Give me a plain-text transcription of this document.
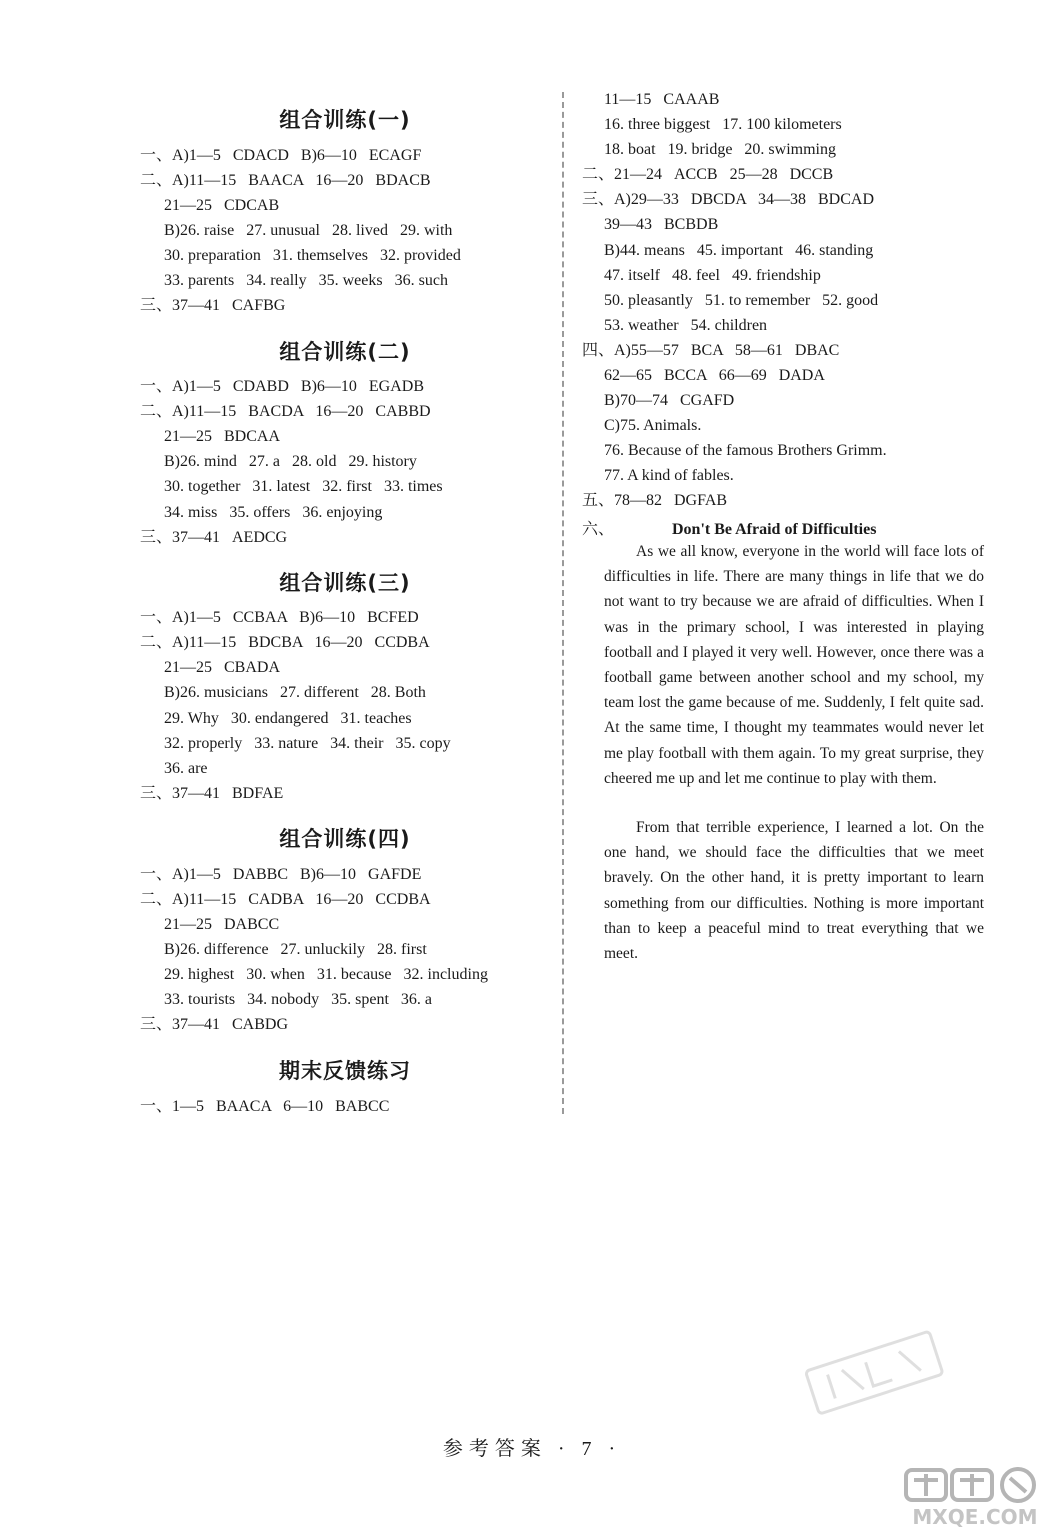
组合训练(一)
一、A)1—5   CDACD   B)6—10   ECAGF
二、A)11—15   BAACA   16—20   BDACB
21—25   CDCAB
B)26. raise   27. unusual   28. lived   29. with
30. preparation   31. themselves   32. provided
33. parents   34. really   35. weeks   36. such
三、37—41   CAFBG
组合训练(二)
一、A)1—5   CDABD   B)6—10   EGADB
二、A)11—15   BACDA   16—20   CABBD
21—25   BDCAA
B)26. mind   27. a   28. old   29. history
30. together   31. latest   32. first   33. times
34. miss   35. offers   36. enjoying
三、37—41   AEDCG
组合训练(三)
一、A)1—5   CCBAA   B)6—10   BCFED
二、A)11—15   BDCBA   16—20   CCDBA
21—25   CBADA
B)26. musicians   27. different   28. Both
29. Why   30. endangered   31. teaches
32. properly   33. nature   34. their   35. copy
36. are
三、37—41   BDFAE
组合训练(四)
一、A)1—5   DABBC   B)6—10   GAFDE
二、A)11—15   CADBA   16—20   CCDBA
21—25   DABCC
B)26. difference   27. unluckily   28. first
29. highest   30. when   31. because   32. including
33. tourists   34. nobody   35. spent   36. a
三、37—41   CABDG
期末反馈练习
一、1—5   BAACA   6—10   BABCC
11—15   CAAAB
16. three biggest   17. 100 kilometers
18. boat   19. bridge   20. swimming
二、21—24   ACCB   25—28   DCCB
三、A)29—33   DBCDA   34—38   BDCAD
39—43   BCBDB
B)44. means   45. important   46. standing
47. itself   48. feel   49. friendship
50. pleasantly   51. to remember   52. good
53. weather   54. children
四、A)55—57   BCA   58—61   DBAC
62—65   BCCA   66—69   DADA
B)70—74   CGAFD
C)75. Animals.
76. Because of the famous Brothers Grimm.
77. A kind of fables.
五、78—82   DGFAB
六、	Don't Be Afraid of Difficulties

As we all know, everyone in the world will face lots of difficulties in life. There are many things in life that we do not want to try because we are afraid of difficulties. When I was in the primary school, I was interested in playing football and I played it very well. However, once there was a football game between another school and my school, my team lost the game because of me. Suddenly, I felt quite sad. At the same time, I thought my teammates would never let me play football with them again. To my great surprise, they cheered me up and let me continue to play with them.

From that terrible experience, I learned a lot. On the one hand, we should face the difficulties that we meet bravely. On the other hand, it is pretty important to learn something from our difficulties. Nothing is more important than to keep a peaceful mind to treat everything that we meet.

参考答案 · 7 ·
MXQE.COM
